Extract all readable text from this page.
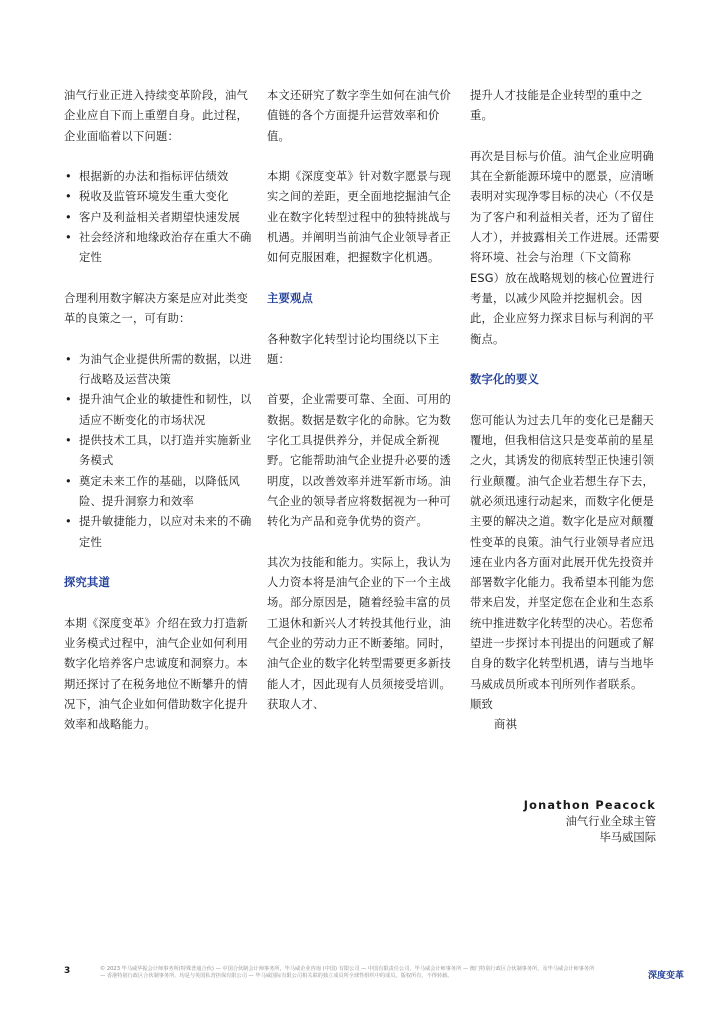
油气行业正进入持续变革阶段，油气企业应自下而上重塑自身。此过程，企业面临着以下问题：

• 根据新的办法和指标评估绩效
• 税收及监管环境发生重大变化
• 客户及利益相关者期望快速发展
• 社会经济和地缘政治存在重大不确定性

合理利用数字解决方案是应对此类变革的良策之一，可有助：

• 为油气企业提供所需的数据，以进行战略及运营决策
• 提升油气企业的敏捷性和韧性，以适应不断变化的市场状况
• 提供技术工具，以打造并实施新业务模式
• 奠定未来工作的基础，以降低风险、提升洞察力和效率
• 提升敏捷能力，以应对未来的不确定性
探究其道

本期《深度变革》介绍在致力打造新业务模式过程中，油气企业如何利用数字化培养客户忠诚度和洞察力。本期还探讨了在税务地位不断攀升的情况下，油气企业如何借助数字化提升效率和战略能力。

本文还研究了数字孪生如何在油气价值链的各个方面提升运营效率和价值。

本期《深度变革》针对数字愿景与现实之间的差距，更全面地挖掘油气企业在数字化转型过程中的独特挑战与机遇。并阐明当前油气企业领导者正如何克服困难，把握数字化机遇。

主要观点

各种数字化转型讨论均围绕以下主题：

首要，企业需要可靠、全面、可用的数据。数据是数字化的命脉。它为数字化工具提供养分，并促成全新视野。它能帮助油气企业提升必要的透明度，以改善效率并进军新市场。油气企业的领导者应将数据视为一种可转化为产品和竞争优势的资产。

其次为技能和能力。实际上，我认为人力资本将是油气企业的下一个主战场。部分原因是，随着经验丰富的员工退休和新兴人才转投其他行业，油气企业的劳动力正不断萎缩。同时，油气企业的数字化转型需要更多新技能人才，因此现有人员须接受培训。获取人才、

提升人才技能是企业转型的重中之重。

再次是目标与价值。油气企业应明确其在全新能源环境中的愿景，应清晰表明对实现净零目标的决心（不仅是为了客户和利益相关者，还为了留住人才），并披露相关工作进展。还需要将环境、社会与治理（下文简称ESG）放在战略规划的核心位置进行考量，以减少风险并挖掘机会。因此，企业应努力探求目标与利润的平衡点。

数字化的要义

您可能认为过去几年的变化已是翻天覆地，但我相信这只是变革前的星星之火，其诱发的彻底转型正快速引领行业颠覆。油气企业若想生存下去，就必须迅速行动起来，而数字化便是主要的解决之道。数字化是应对颠覆性变革的良策。油气行业领导者应迅速在业内各方面对此展开优先投资并部署数字化能力。我希望本刊能为您带来启发，并坚定您在企业和生态系统中推进数字化转型的决心。若您希望进一步探讨本刊提出的问题或了解自身的数字化转型机遇，请与当地毕马威成员所或本刊所列作者联系。

顺致

商祺

Jonathon Peacock
油气行业全球主管
毕马威国际
3	© 2023 毕马威华振会计师事务所(特殊普通合伙) — 中国合伙制会计师事务所，毕马威企业咨询 (中国) 有限公司 — 中国有限责任公司，毕马威会计师事务所 — 澳门特别行政区合伙制事务所，及毕马威会计师事务所 — 香港特别行政区合伙制事务所，均是与英国私营担保有限公司 — 毕马威国际有限公司相关联的独立成员所全球性组织中的成员。版权所有，不得转载。	深度变革
